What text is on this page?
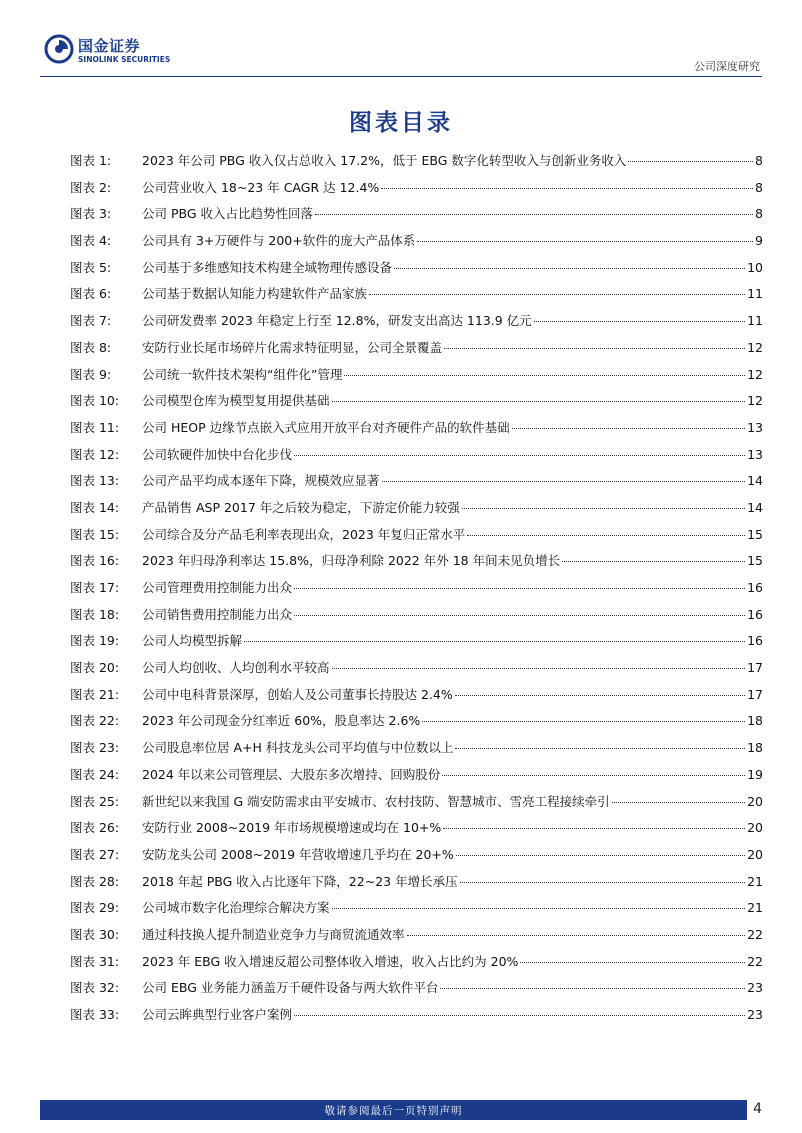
国金证券
SINOLINK SECURITIES
公司深度研究
图表目录
图表 1:	2023 年公司 PBG 收入仅占总收入 17.2%，低于 EBG 数字化转型收入与创新业务收入	8
图表 2:	公司营业收入 18~23 年 CAGR 达 12.4%	8
图表 3:	公司 PBG 收入占比趋势性回落	8
图表 4:	公司具有 3+万硬件与 200+软件的庞大产品体系	9
图表 5:	公司基于多维感知技术构建全域物理传感设备	10
图表 6:	公司基于数据认知能力构建软件产品家族	11
图表 7:	公司研发费率 2023 年稳定上行至 12.8%，研发支出高达 113.9 亿元	11
图表 8:	安防行业长尾市场碎片化需求特征明显，公司全景覆盖	12
图表 9:	公司统一软件技术架构“组件化”管理	12
图表 10:	公司模型仓库为模型复用提供基础	12
图表 11:	公司 HEOP 边缘节点嵌入式应用开放平台对齐硬件产品的软件基础	13
图表 12:	公司软硬件加快中台化步伐	13
图表 13:	公司产品平均成本逐年下降，规模效应显著	14
图表 14:	产品销售 ASP 2017 年之后较为稳定，下游定价能力较强	14
图表 15:	公司综合及分产品毛利率表现出众，2023 年复归正常水平	15
图表 16:	2023 年归母净利率达 15.8%，归母净利除 2022 年外 18 年间未见负增长	15
图表 17:	公司管理费用控制能力出众	16
图表 18:	公司销售费用控制能力出众	16
图表 19:	公司人均模型拆解	16
图表 20:	公司人均创收、人均创利水平较高	17
图表 21:	公司中电科背景深厚，创始人及公司董事长持股达 2.4%	17
图表 22:	2023 年公司现金分红率近 60%，股息率达 2.6%	18
图表 23:	公司股息率位居 A+H 科技龙头公司平均值与中位数以上	18
图表 24:	2024 年以来公司管理层、大股东多次增持、回购股份	19
图表 25:	新世纪以来我国 G 端安防需求由平安城市、农村技防、智慧城市、雪亮工程接续牵引	20
图表 26:	安防行业 2008~2019 年市场规模增速或均在 10+%	20
图表 27:	安防龙头公司 2008~2019 年营收增速几乎均在 20+%	20
图表 28:	2018 年起 PBG 收入占比逐年下降，22~23 年增长承压	21
图表 29:	公司城市数字化治理综合解决方案	21
图表 30:	通过科技换人提升制造业竞争力与商贸流通效率	22
图表 31:	2023 年 EBG 收入增速反超公司整体收入增速，收入占比约为 20%	22
图表 32:	公司 EBG 业务能力涵盖万千硬件设备与两大软件平台	23
图表 33:	公司云眸典型行业客户案例	23
敬请参阅最后一页特别声明	4
